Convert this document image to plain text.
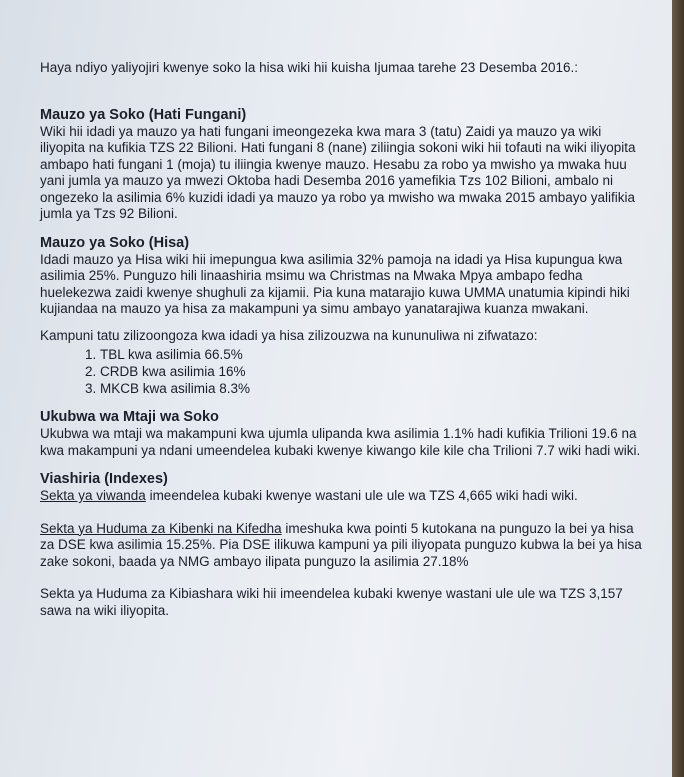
Haya ndiyo yaliyojiri kwenye soko la hisa wiki hii kuisha Ijumaa tarehe 23 Desemba 2016.:

Mauzo ya Soko (Hati Fungani)

Wiki hii idadi ya mauzo ya hati fungani imeongezeka kwa mara 3 (tatu) Zaidi ya mauzo ya wiki iliyopita na kufikia TZS 22 Bilioni. Hati fungani 8 (nane) ziliingia sokoni wiki hii tofauti na wiki iliyopita ambapo hati fungani 1 (moja) tu iliingia kwenye mauzo. Hesabu za robo ya mwisho ya mwaka huu yani jumla ya mauzo ya mwezi Oktoba hadi Desemba 2016 yamefikia Tzs 102 Bilioni, ambalo ni ongezeko la asilimia 6% kuzidi idadi ya mauzo ya robo ya mwisho wa mwaka 2015 ambayo yalifikia jumla ya Tzs 92 Bilioni.

Mauzo ya Soko (Hisa)

Idadi mauzo ya Hisa wiki hii imepungua kwa asilimia 32% pamoja na idadi ya Hisa kupungua kwa asilimia 25%. Punguzo hili linaashiria msimu wa Christmas na Mwaka Mpya ambapo fedha huelekezwa zaidi kwenye shughuli za kijamii. Pia kuna matarajio kuwa UMMA unatumia kipindi hiki kujiandaa na mauzo ya hisa za makampuni ya simu ambayo yanatarajiwa kuanza mwakani.

Kampuni tatu zilizoongoza kwa idadi ya hisa zilizouzwa na kununuliwa ni zifwatazo:

1. TBL kwa asilimia 66.5%
2. CRDB kwa asilimia 16%
3. MKCB kwa asilimia 8.3%
Ukubwa wa Mtaji wa Soko

Ukubwa wa mtaji wa makampuni kwa ujumla ulipanda kwa asilimia 1.1% hadi kufikia Trilioni 19.6 na kwa makampuni ya ndani umeendelea kubaki kwenye kiwango kile kile cha Trilioni 7.7 wiki hadi wiki.

Viashiria (Indexes)

Sekta ya viwanda imeendelea kubaki kwenye wastani ule ule wa TZS 4,665 wiki hadi wiki.

Sekta ya Huduma za Kibenki na Kifedha imeshuka kwa pointi 5 kutokana na punguzo la bei ya hisa za DSE kwa asilimia 15.25%. Pia DSE ilikuwa kampuni ya pili iliyopata punguzo kubwa la bei ya hisa zake sokoni, baada ya NMG ambayo ilipata punguzo la asilimia 27.18%

Sekta ya Huduma za Kibiashara wiki hii imeendelea kubaki kwenye wastani ule ule wa TZS 3,157 sawa na wiki iliyopita.
